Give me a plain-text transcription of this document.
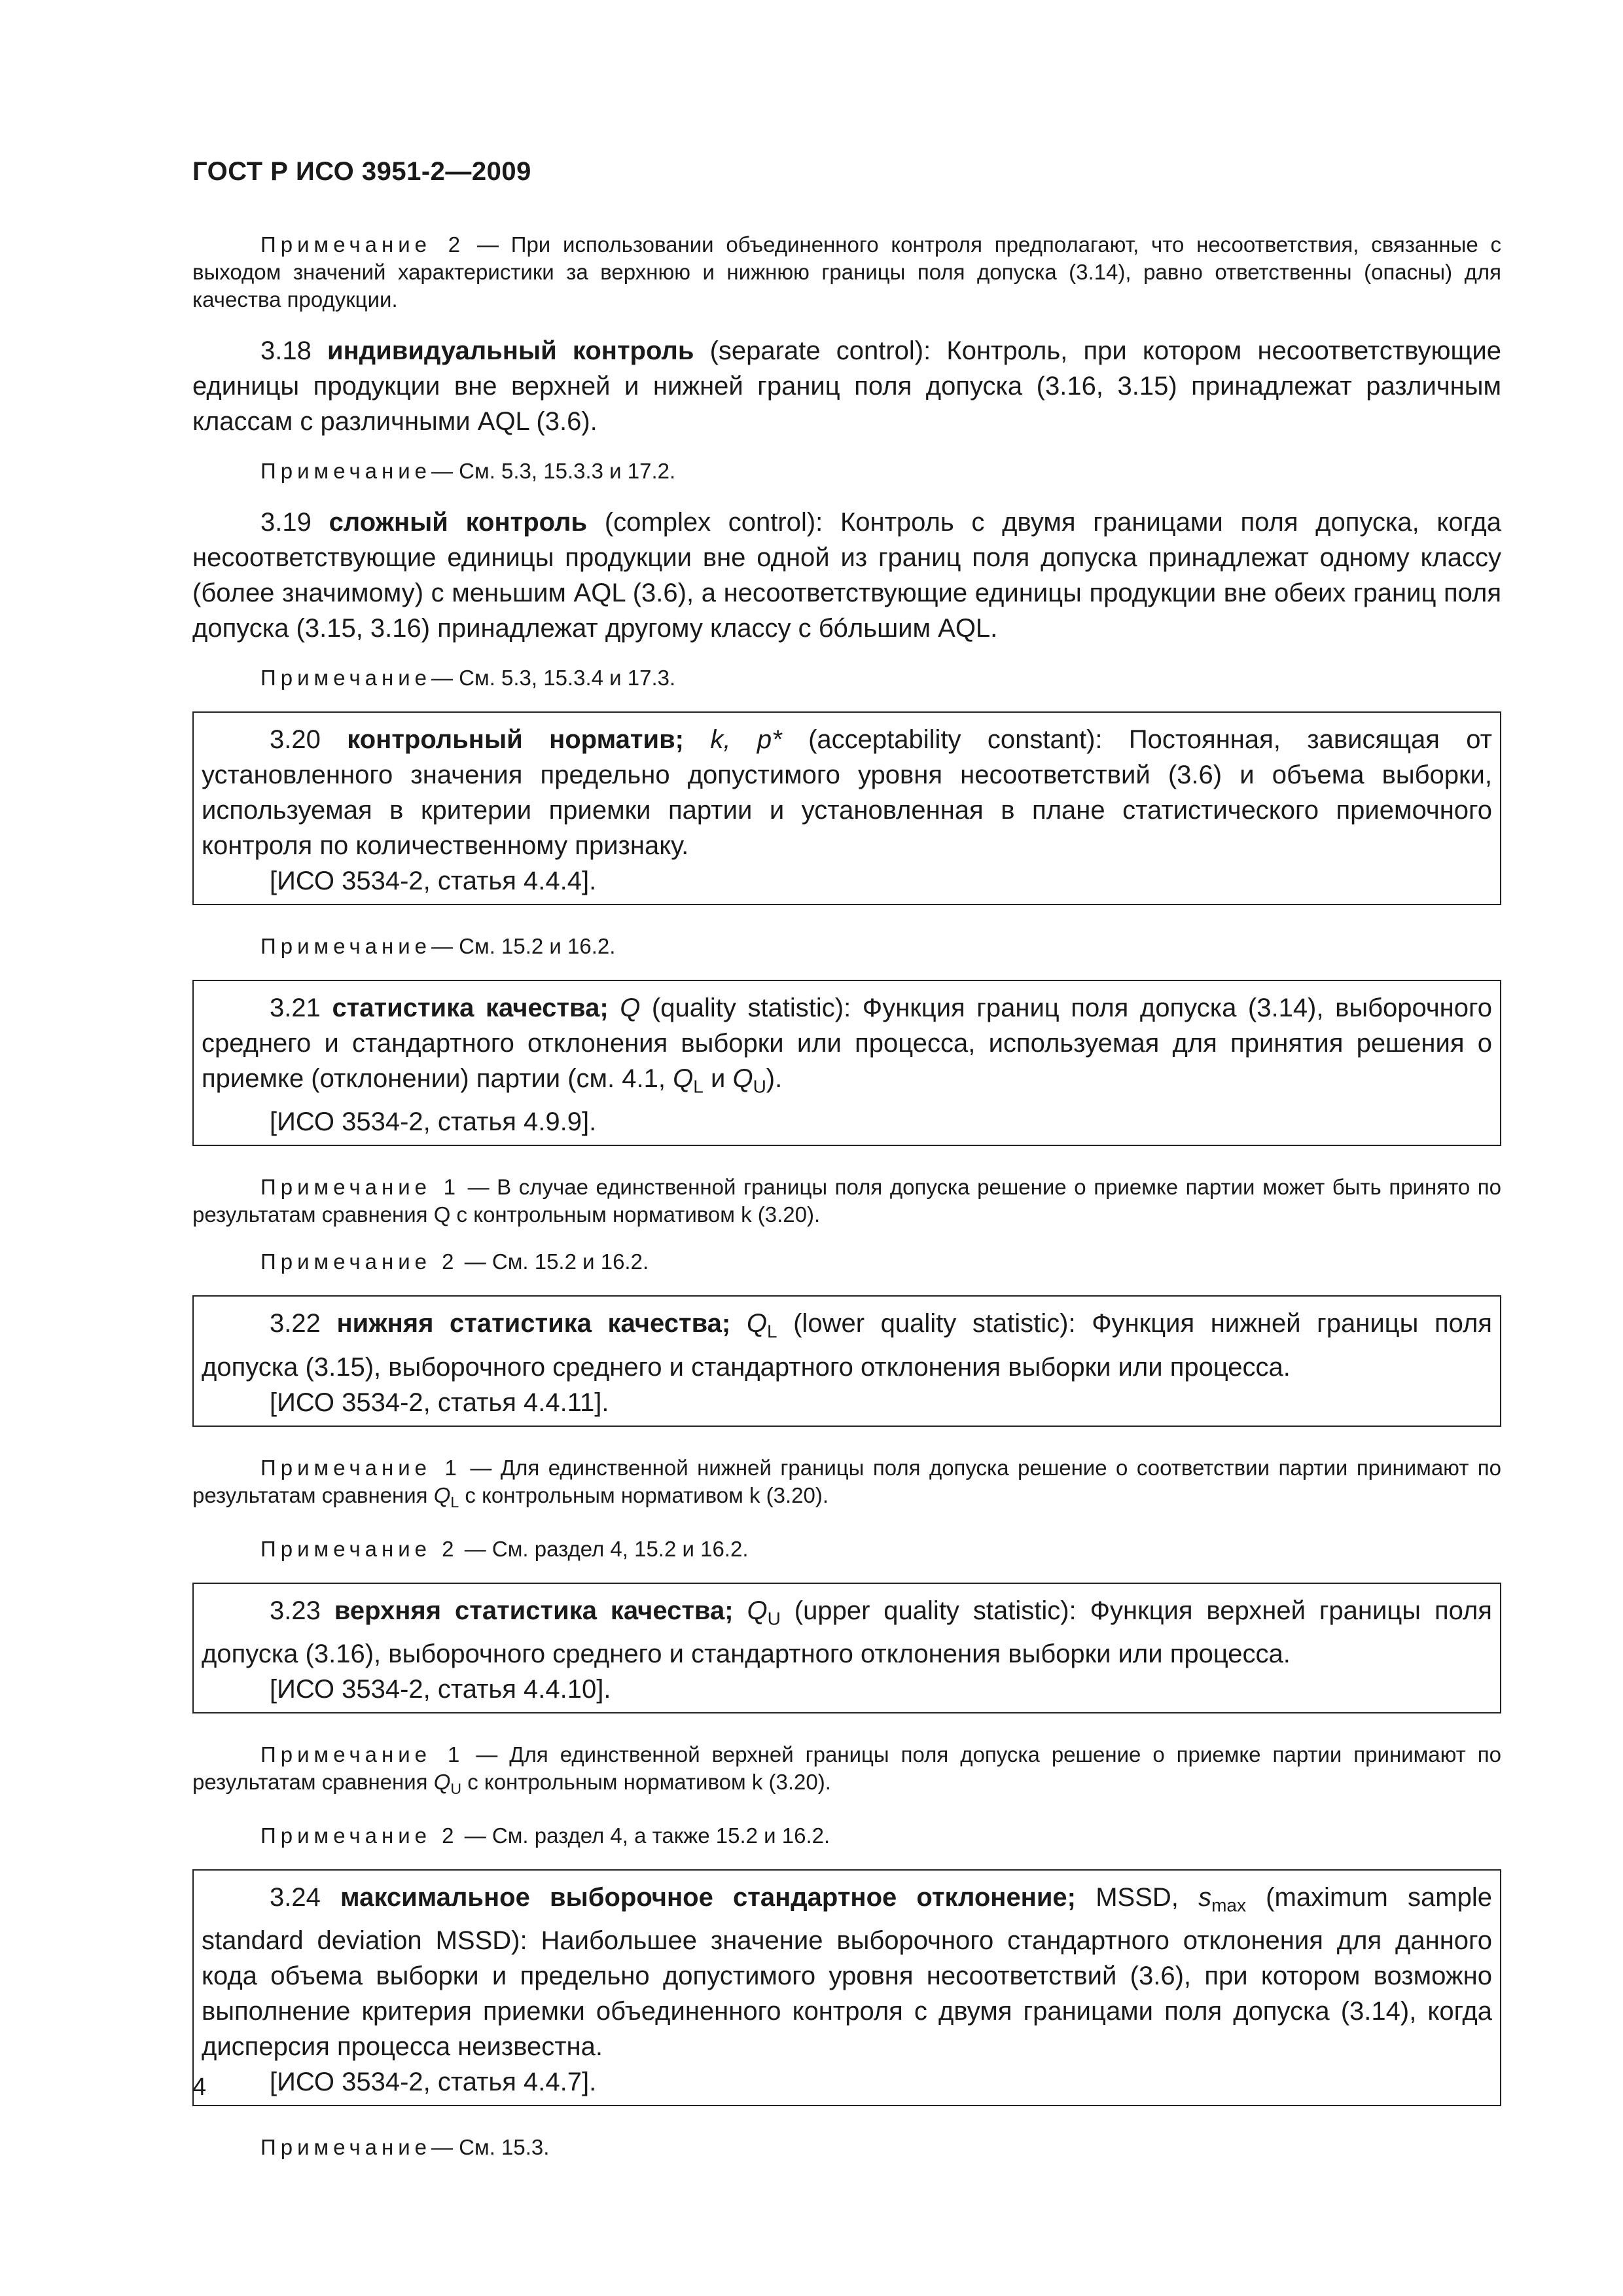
ГОСТ Р ИСО 3951-2—2009

Примечание 2 — При использовании объединенного контроля предполагают, что несоответствия, связанные с выходом значений характеристики за верхнюю и нижнюю границы поля допуска (3.14), равно ответственны (опасны) для качества продукции.

3.18 индивидуальный контроль (separate control): Контроль, при котором несоответствующие единицы продукции вне верхней и нижней границ поля допуска (3.16, 3.15) принадлежат различным классам с различными AQL (3.6).

Примечание— См. 5.3, 15.3.3 и 17.2.

3.19 сложный контроль (complex control): Контроль с двумя границами поля допуска, когда несоответствующие единицы продукции вне одной из границ поля допуска принадлежат одному классу (более значимому) с меньшим AQL (3.6), а несоответствующие единицы продукции вне обеих границ поля допуска (3.15, 3.16) принадлежат другому классу с бóльшим AQL.

Примечание— См. 5.3, 15.3.4 и 17.3.

3.20 контрольный норматив; k, p* (acceptability constant): Постоянная, зависящая от установленного значения предельно допустимого уровня несоответствий (3.6) и объема выборки, используемая в критерии приемки партии и установленная в плане статистического приемочного контроля по количественному признаку.

[ИСО 3534-2, статья 4.4.4].

Примечание— См. 15.2 и 16.2.

3.21 статистика качества; Q (quality statistic): Функция границ поля допуска (3.14), выборочного среднего и стандартного отклонения выборки или процесса, используемая для принятия решения о приемке (отклонении) партии (см. 4.1, $Q_L$ и $Q_U$).

[ИСО 3534-2, статья 4.9.9].

Примечание 1 — В случае единственной границы поля допуска решение о приемке партии может быть принято по результатам сравнения Q с контрольным нормативом k (3.20).

Примечание 2 — См. 15.2 и 16.2.

3.22 нижняя статистика качества; $Q_L$ (lower quality statistic): Функция нижней границы поля допуска (3.15), выборочного среднего и стандартного отклонения выборки или процесса.

[ИСО 3534-2, статья 4.4.11].

Примечание 1 — Для единственной нижней границы поля допуска решение о соответствии партии принимают по результатам сравнения $Q_L$ с контрольным нормативом k (3.20).

Примечание 2 — См. раздел 4, 15.2 и 16.2.

3.23 верхняя статистика качества; $Q_U$ (upper quality statistic): Функция верхней границы поля допуска (3.16), выборочного среднего и стандартного отклонения выборки или процесса.

[ИСО 3534-2, статья 4.4.10].

Примечание 1 — Для единственной верхней границы поля допуска решение о приемке партии принимают по результатам сравнения $Q_U$ с контрольным нормативом k (3.20).

Примечание 2 — См. раздел 4, а также 15.2 и 16.2.

3.24 максимальное выборочное стандартное отклонение; MSSD, $s_{max}$ (maximum sample standard deviation MSSD): Наибольшее значение выборочного стандартного отклонения для данного кода объема выборки и предельно допустимого уровня несоответствий (3.6), при котором возможно выполнение критерия приемки объединенного контроля с двумя границами поля допуска (3.14), когда дисперсия процесса неизвестна.

[ИСО 3534-2, статья 4.4.7].

Примечание— См. 15.3.

4
